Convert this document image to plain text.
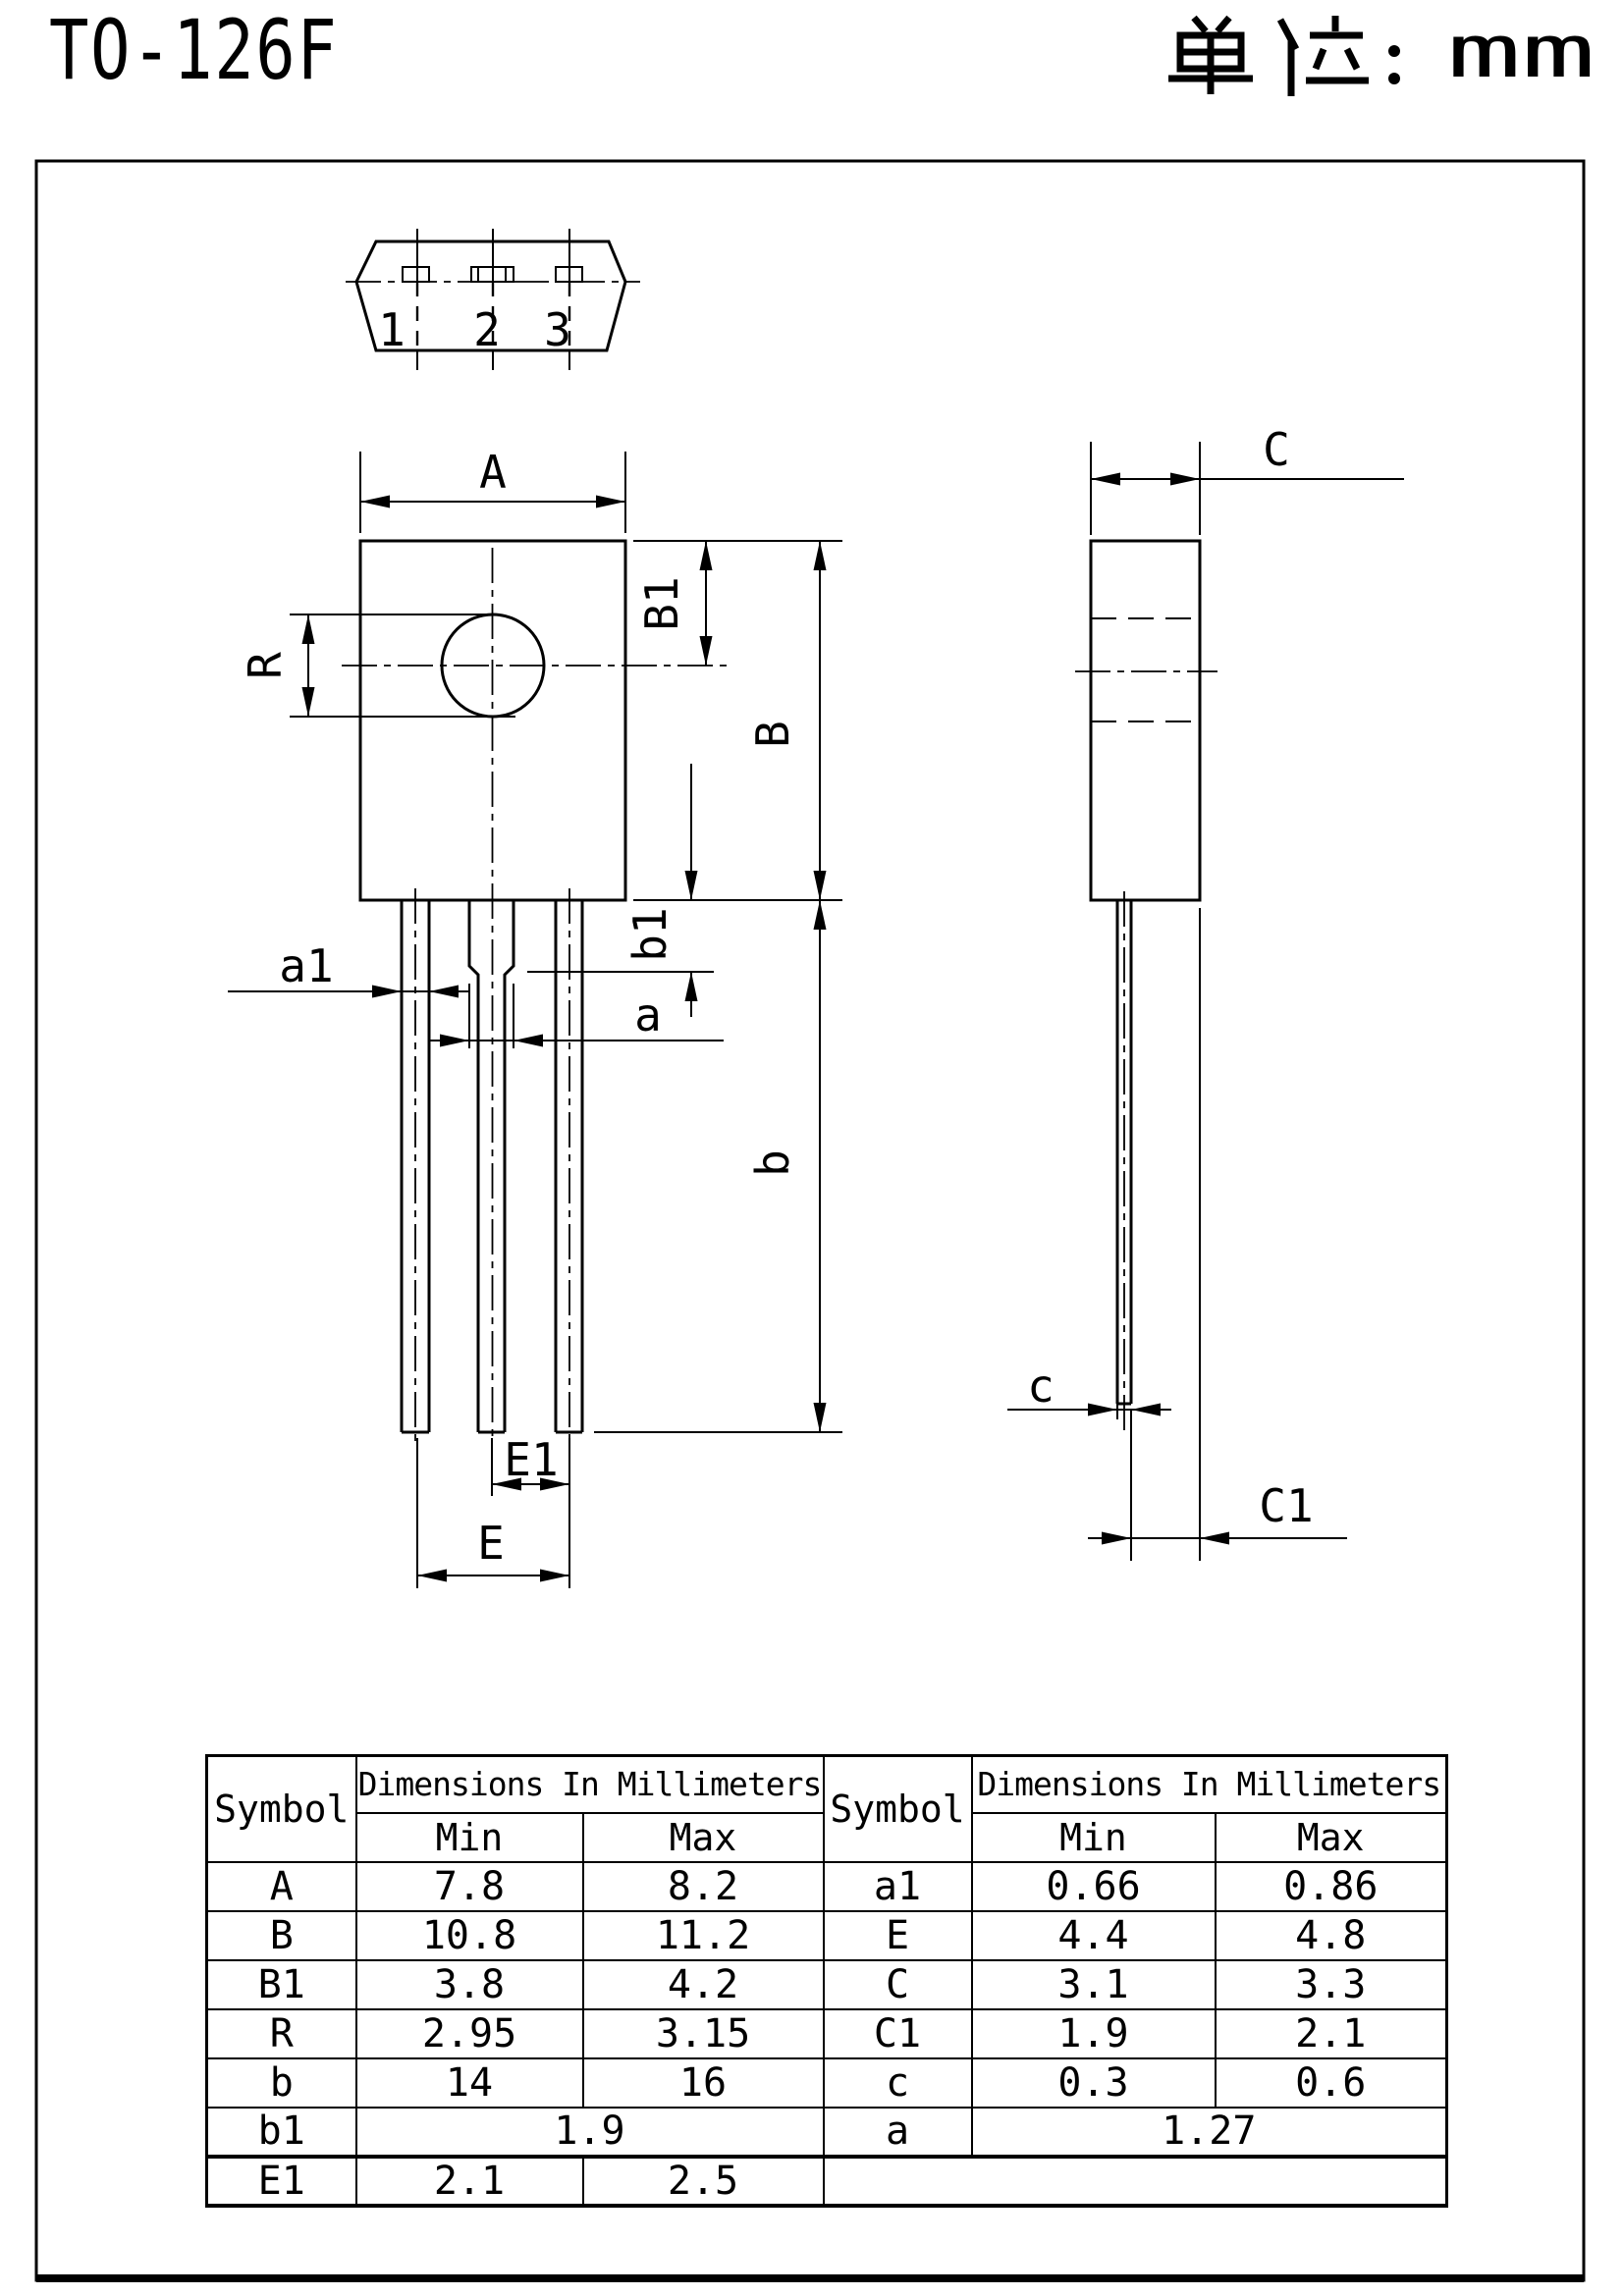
TO-126F	mm
1 2 3
A
R
B1
B
b
a1
a
b1
E1
E
C
c
C1
Symbol	Dimensions In Millimeters		Symbol	Dimensions In Millimeters	
	Min	Max		Min	Max
A	7.8	8.2	a1	0.66	0.86
B	10.8	11.2	E	4.4	4.8
B1	3.8	4.2	C	3.1	3.3
R	2.95	3.15	C1	1.9	2.1
b	14	16	c	0.3	0.6
b1	1.9		a	1.27	
E1	2.1	2.5			
